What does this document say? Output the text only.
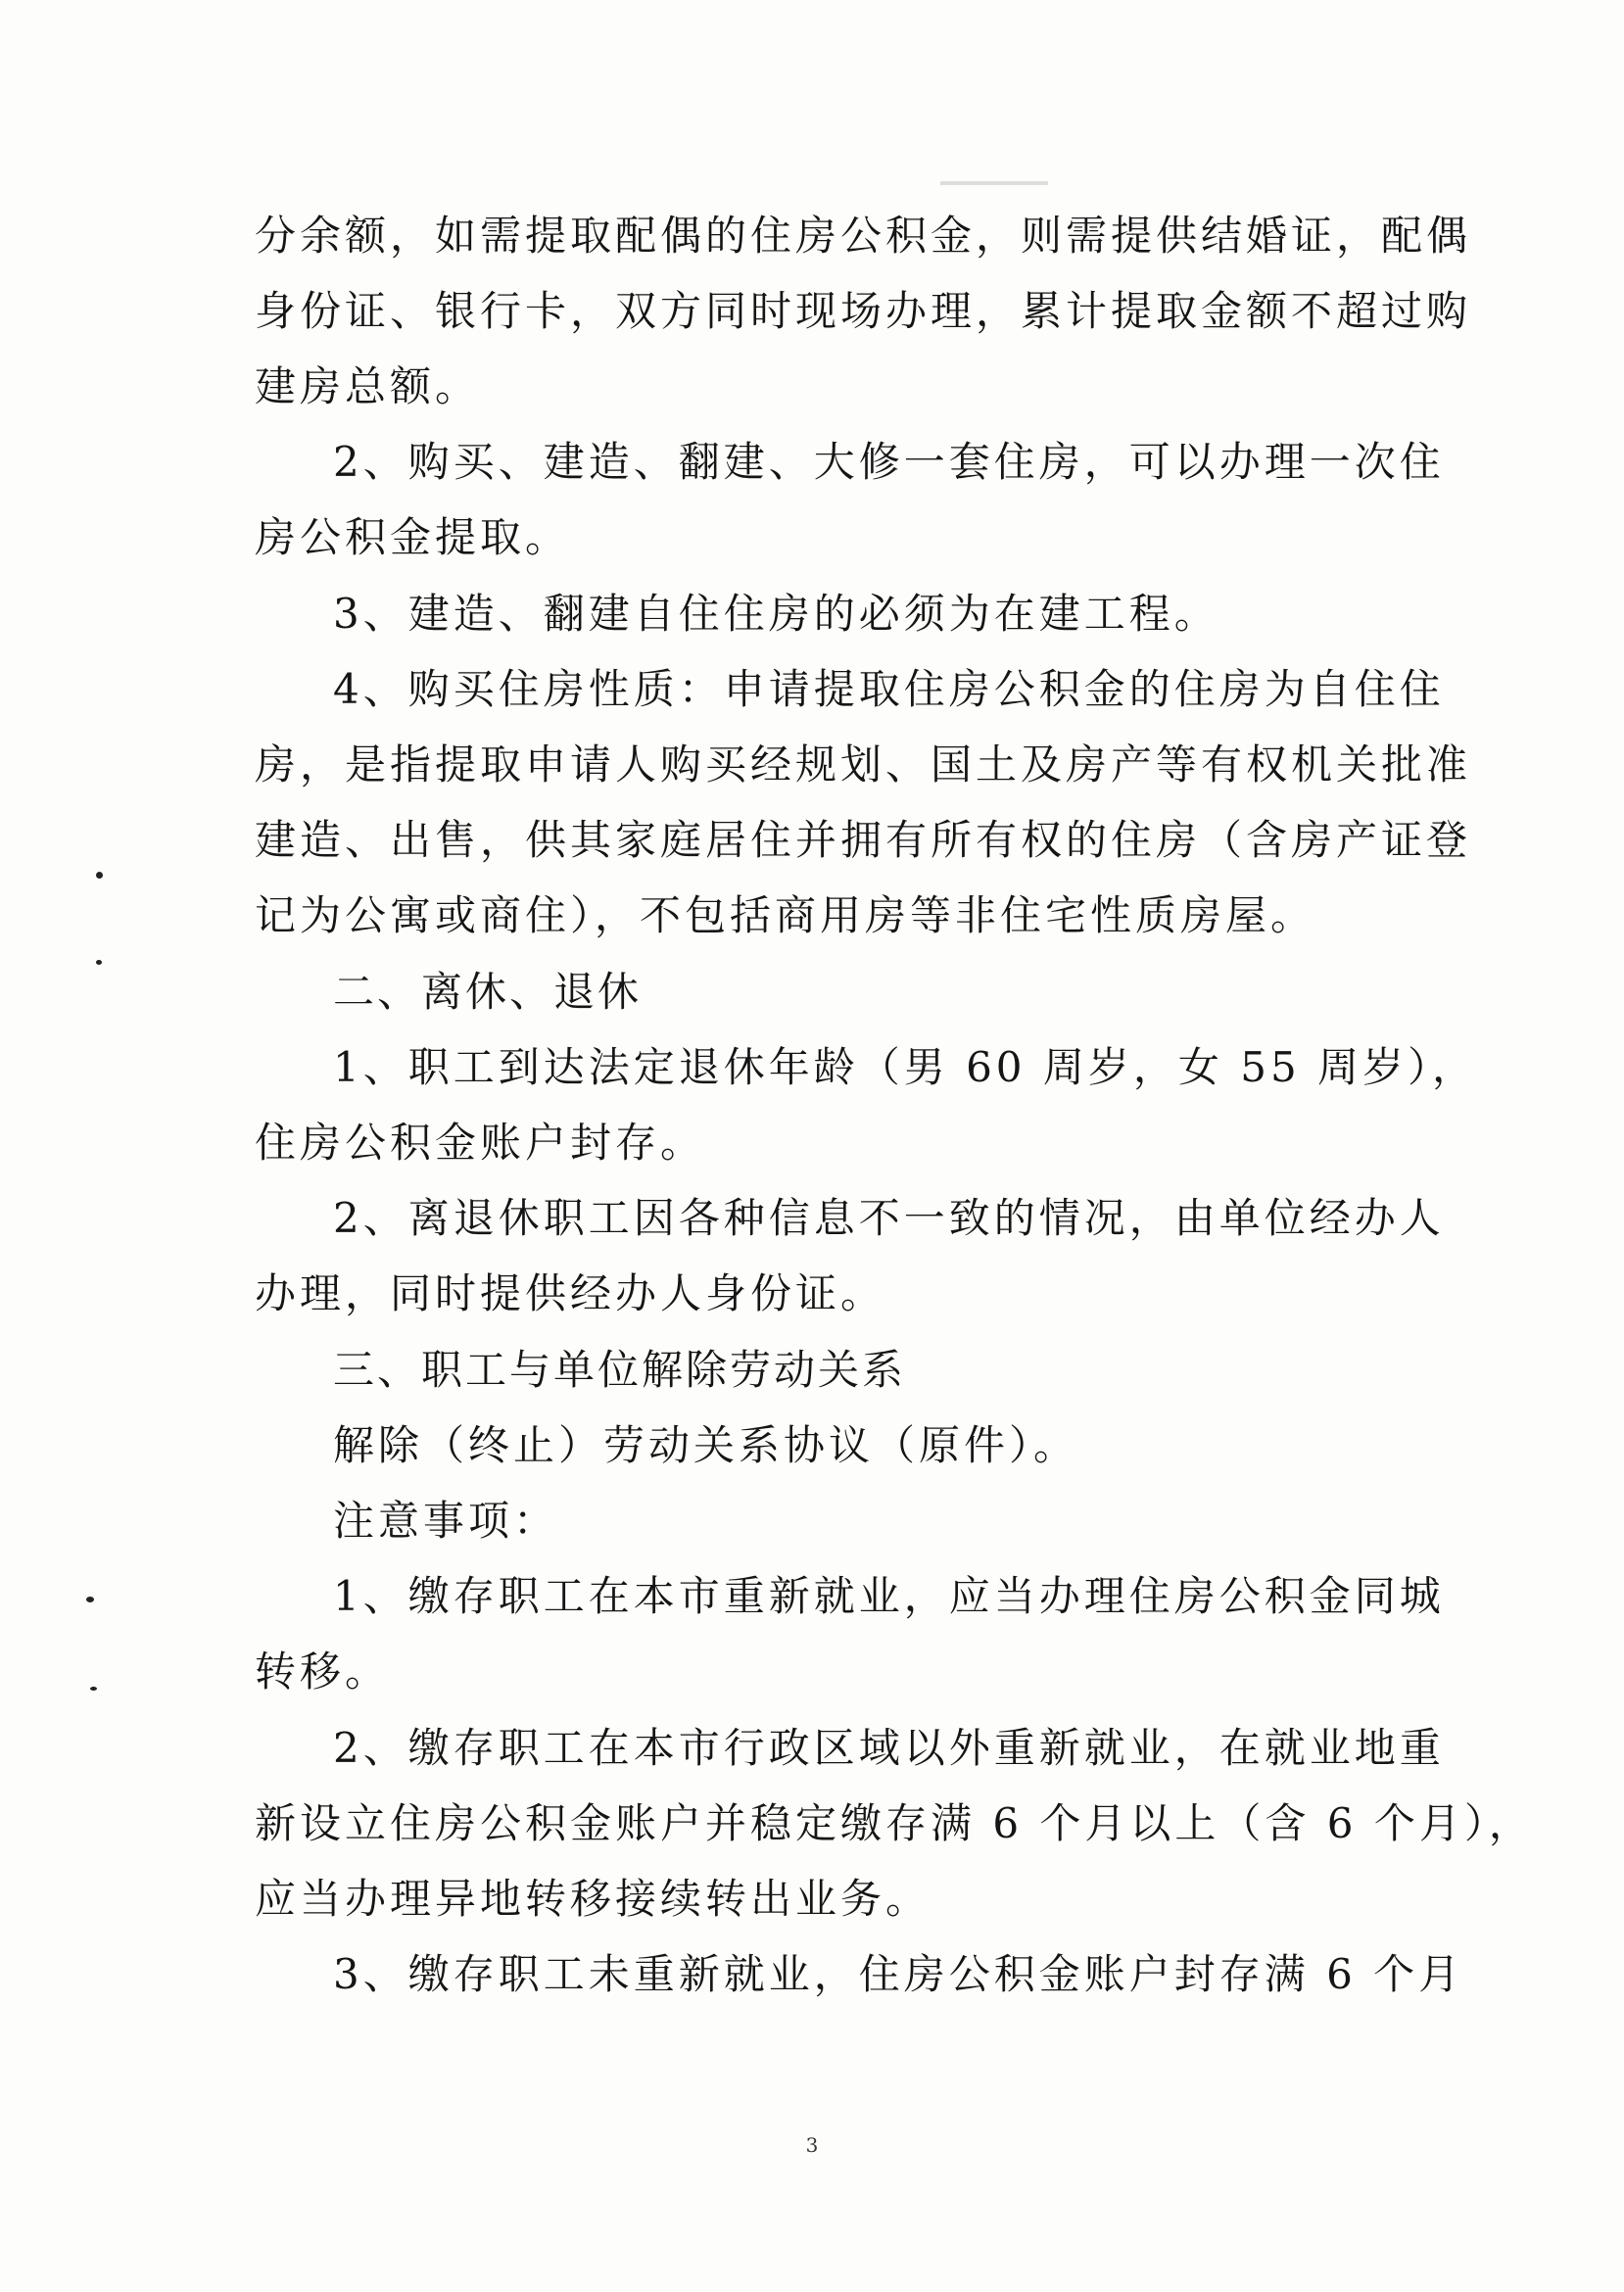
分余额，如需提取配偶的住房公积金，则需提供结婚证，配偶
身份证、银行卡，双方同时现场办理，累计提取金额不超过购
建房总额。
2、购买、建造、翻建、大修一套住房，可以办理一次住
房公积金提取。
3、建造、翻建自住住房的必须为在建工程。
4、购买住房性质：申请提取住房公积金的住房为自住住
房，是指提取申请人购买经规划、国土及房产等有权机关批准
建造、出售，供其家庭居住并拥有所有权的住房（含房产证登
记为公寓或商住），不包括商用房等非住宅性质房屋。
二、离休、退休
1、职工到达法定退休年龄（男 60 周岁，女 55 周岁），
住房公积金账户封存。
2、离退休职工因各种信息不一致的情况，由单位经办人
办理，同时提供经办人身份证。
三、职工与单位解除劳动关系
解除（终止）劳动关系协议（原件）。
注意事项：
1、缴存职工在本市重新就业，应当办理住房公积金同城
转移。
2、缴存职工在本市行政区域以外重新就业，在就业地重
新设立住房公积金账户并稳定缴存满 6 个月以上（含 6 个月），
应当办理异地转移接续转出业务。
3、缴存职工未重新就业，住房公积金账户封存满 6 个月
3
